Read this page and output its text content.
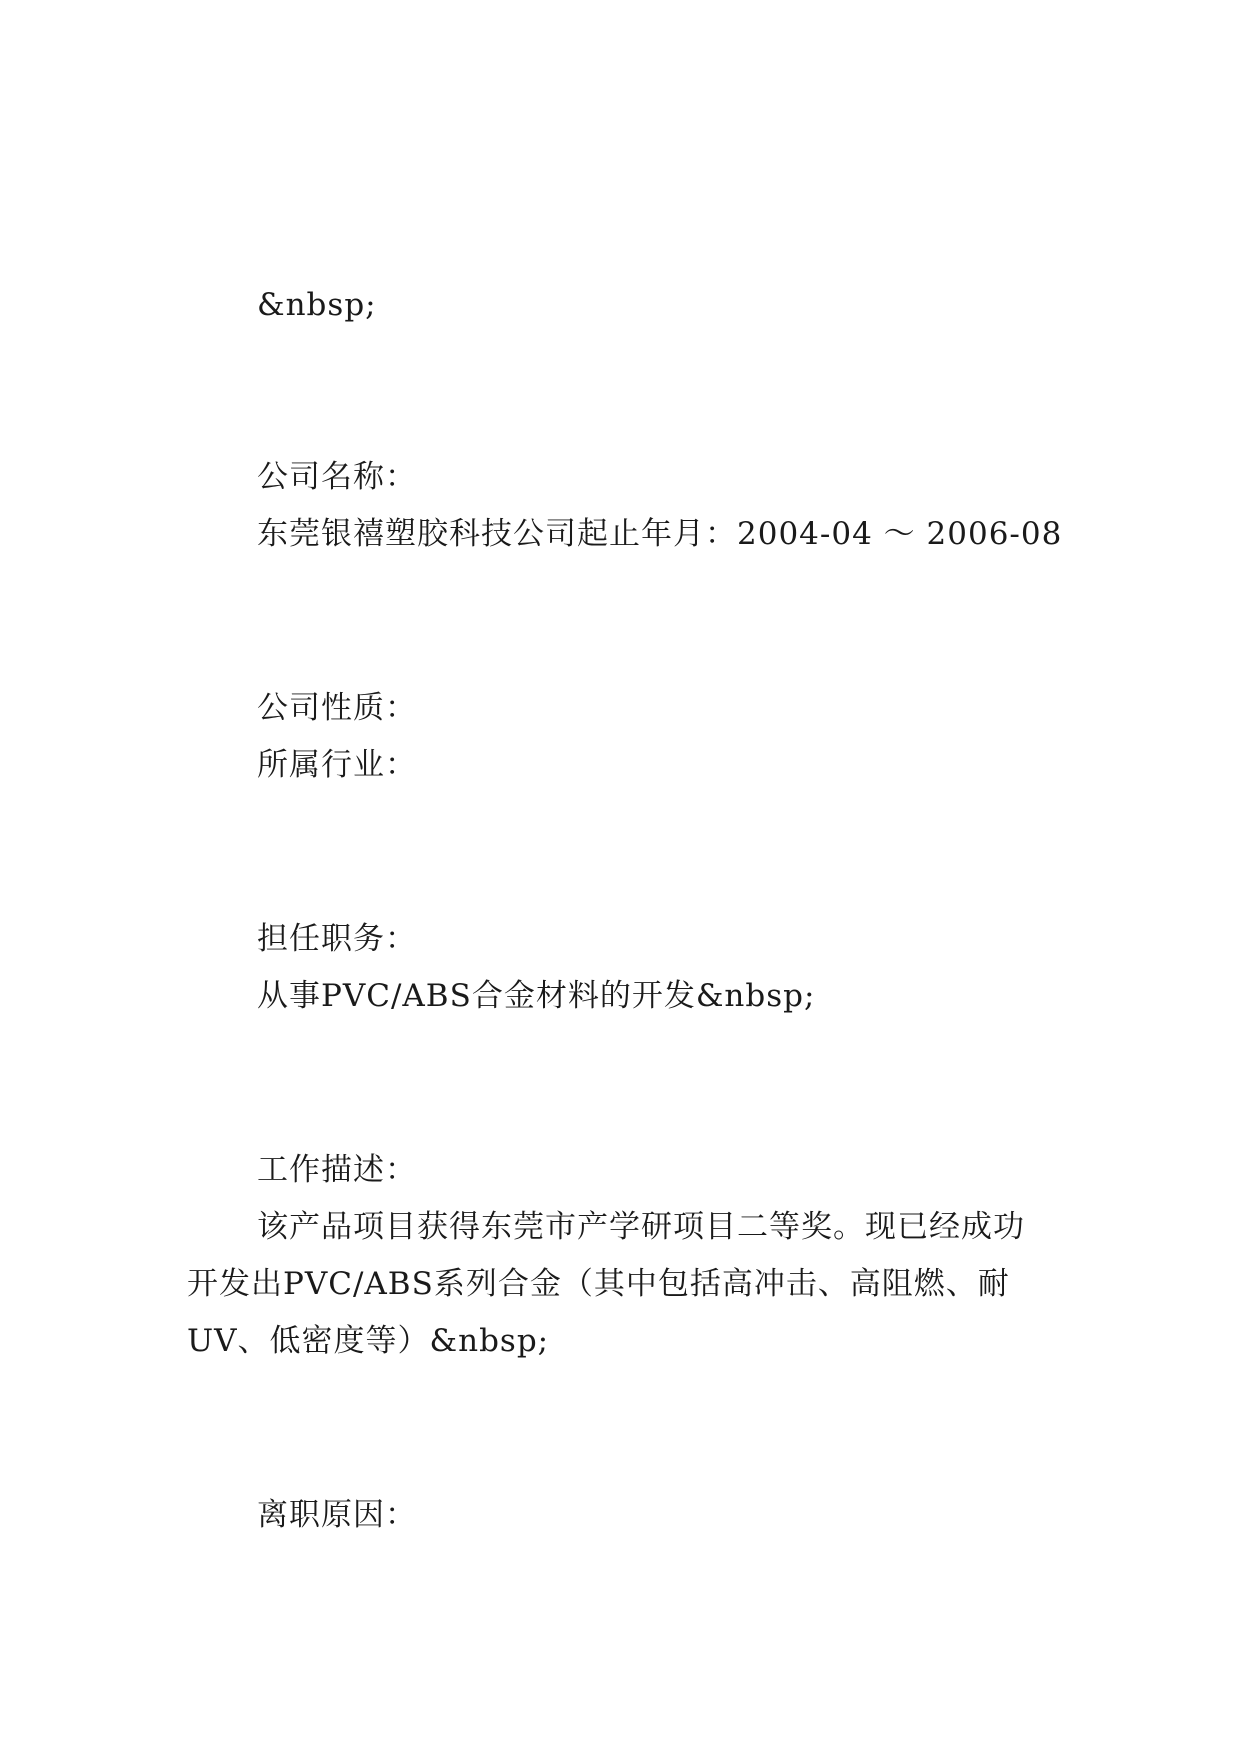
&nbsp;
公司名称：
东莞银禧塑胶科技公司起止年月：2004-04 ～ 2006-08
公司性质：
所属行业：
担任职务：
从事PVC/ABS合金材料的开发&nbsp;
工作描述：
该产品项目获得东莞市产学研项目二等奖。现已经成功
开发出PVC/ABS系列合金（其中包括高冲击、高阻燃、耐
UV、低密度等）&nbsp;
离职原因：
